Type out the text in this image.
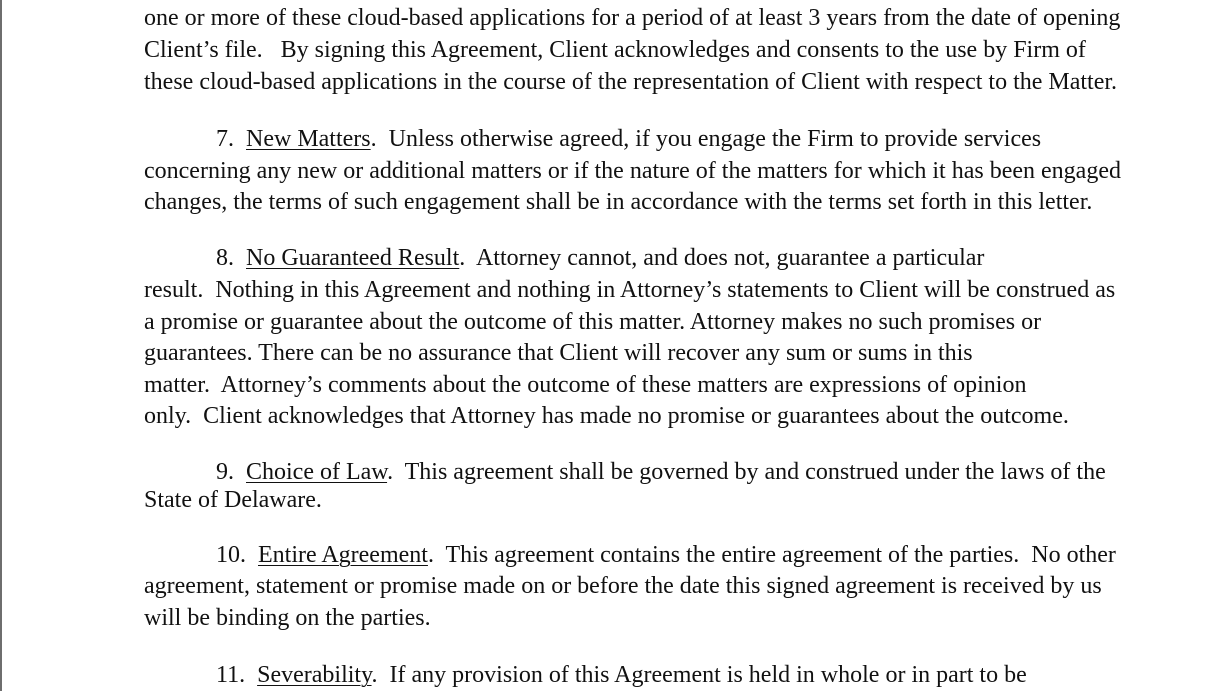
one or more of these cloud-based applications for a period of at least 3 years from the date of opening
Client’s file.   By signing this Agreement, Client acknowledges and consents to the use by Firm of
these cloud-based applications in the course of the representation of Client with respect to the Matter.
7. New Matters.  Unless otherwise agreed, if you engage the Firm to provide services
concerning any new or additional matters or if the nature of the matters for which it has been engaged
changes, the terms of such engagement shall be in accordance with the terms set forth in this letter.
8. No Guaranteed Result.  Attorney cannot, and does not, guarantee a particular
result.  Nothing in this Agreement and nothing in Attorney’s statements to Client will be construed as
a promise or guarantee about the outcome of this matter. Attorney makes no such promises or
guarantees. There can be no assurance that Client will recover any sum or sums in this
matter.  Attorney’s comments about the outcome of these matters are expressions of opinion
only.  Client acknowledges that Attorney has made no promise or guarantees about the outcome.
9. Choice of Law.  This agreement shall be governed by and construed under the laws of the
State of Delaware.
10. Entire Agreement.  This agreement contains the entire agreement of the parties.  No other
agreement, statement or promise made on or before the date this signed agreement is received by us
will be binding on the parties.
11. Severability.  If any provision of this Agreement is held in whole or in part to be
